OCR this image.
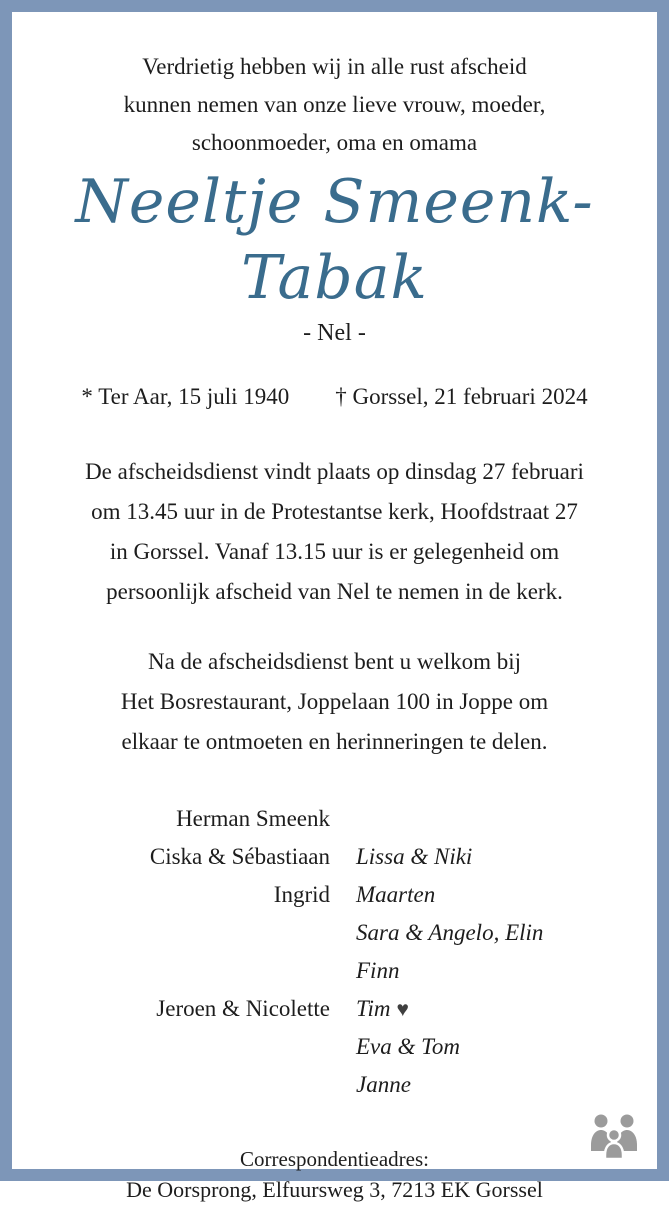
Verdrietig hebben wij in alle rust afscheid
kunnen nemen van onze lieve vrouw, moeder,
schoonmoeder, oma en omama
Neeltje Smeenk-Tabak
- Nel -
* Ter Aar, 15 juli 1940 † Gorssel, 21 februari 2024
De afscheidsdienst vindt plaats op dinsdag 27 februari
om 13.45 uur in de Protestantse kerk, Hoofdstraat 27
in Gorssel. Vanaf 13.15 uur is er gelegenheid om
persoonlijk afscheid van Nel te nemen in de kerk.
Na de afscheidsdienst bent u welkom bij
Het Bosrestaurant, Joppelaan 100 in Joppe om
elkaar te ontmoeten en herinneringen te delen.
Herman Smeenk
Ciska & Sébastiaan Lissa & Niki
Ingrid Maarten
Sara & Angelo, Elin
Finn
Jeroen & Nicolette Tim ♥
Eva & Tom
Janne
Correspondentieadres:
De Oorsprong, Elfuursweg 3, 7213 EK Gorssel
